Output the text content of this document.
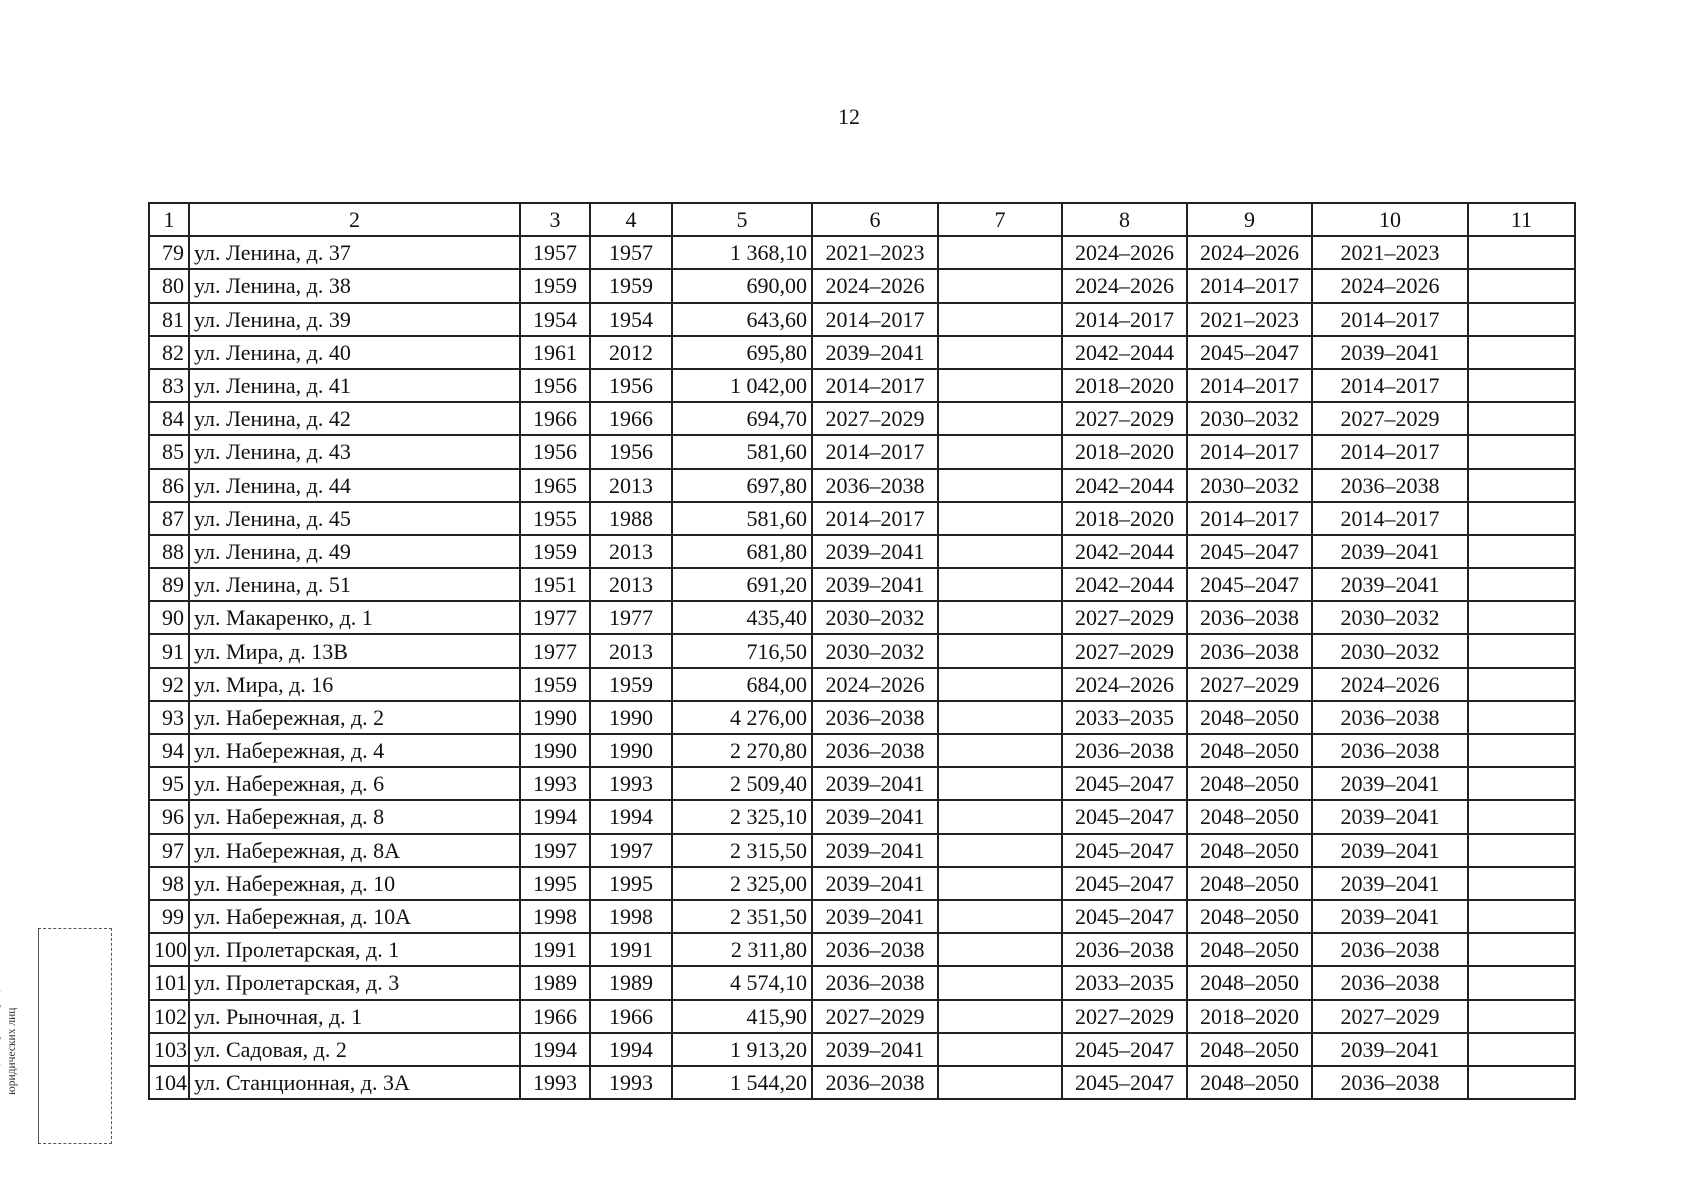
12
1	2	3	4	5	6	7	8	9	10	11
79	ул. Ленина, д. 37	1957	1957	1 368,10	2021–2023		2024–2026	2024–2026	2021–2023	
80	ул. Ленина, д. 38	1959	1959	690,00	2024–2026		2024–2026	2014–2017	2024–2026	
81	ул. Ленина, д. 39	1954	1954	643,60	2014–2017		2014–2017	2021–2023	2014–2017	
82	ул. Ленина, д. 40	1961	2012	695,80	2039–2041		2042–2044	2045–2047	2039–2041	
83	ул. Ленина, д. 41	1956	1956	1 042,00	2014–2017		2018–2020	2014–2017	2014–2017	
84	ул. Ленина, д. 42	1966	1966	694,70	2027–2029		2027–2029	2030–2032	2027–2029	
85	ул. Ленина, д. 43	1956	1956	581,60	2014–2017		2018–2020	2014–2017	2014–2017	
86	ул. Ленина, д. 44	1965	2013	697,80	2036–2038		2042–2044	2030–2032	2036–2038	
87	ул. Ленина, д. 45	1955	1988	581,60	2014–2017		2018–2020	2014–2017	2014–2017	
88	ул. Ленина, д. 49	1959	2013	681,80	2039–2041		2042–2044	2045–2047	2039–2041	
89	ул. Ленина, д. 51	1951	2013	691,20	2039–2041		2042–2044	2045–2047	2039–2041	
90	ул. Макаренко, д. 1	1977	1977	435,40	2030–2032		2027–2029	2036–2038	2030–2032	
91	ул. Мира, д. 13В	1977	2013	716,50	2030–2032		2027–2029	2036–2038	2030–2032	
92	ул. Мира, д. 16	1959	1959	684,00	2024–2026		2024–2026	2027–2029	2024–2026	
93	ул. Набережная, д. 2	1990	1990	4 276,00	2036–2038		2033–2035	2048–2050	2036–2038	
94	ул. Набережная, д. 4	1990	1990	2 270,80	2036–2038		2036–2038	2048–2050	2036–2038	
95	ул. Набережная, д. 6	1993	1993	2 509,40	2039–2041		2045–2047	2048–2050	2039–2041	
96	ул. Набережная, д. 8	1994	1994	2 325,10	2039–2041		2045–2047	2048–2050	2039–2041	
97	ул. Набережная, д. 8А	1997	1997	2 315,50	2039–2041		2045–2047	2048–2050	2039–2041	
98	ул. Набережная, д. 10	1995	1995	2 325,00	2039–2041		2045–2047	2048–2050	2039–2041	
99	ул. Набережная, д. 10А	1998	1998	2 351,50	2039–2041		2045–2047	2048–2050	2039–2041	
100	ул. Пролетарская, д. 1	1991	1991	2 311,80	2036–2038		2036–2038	2048–2050	2036–2038	
101	ул. Пролетарская, д. 3	1989	1989	4 574,10	2036–2038		2033–2035	2048–2050	2036–2038	
102	ул. Рыночная, д. 1	1966	1966	415,90	2027–2029		2027–2029	2018–2020	2027–2029	
103	ул. Садовая, д. 2	1994	1994	1 913,20	2039–2041		2045–2047	2048–2050	2039–2041	
104	ул. Станционная, д. 3А	1993	1993	1 544,20	2036–2038		2045–2047	2048–2050	2036–2038	
юридических лиц
